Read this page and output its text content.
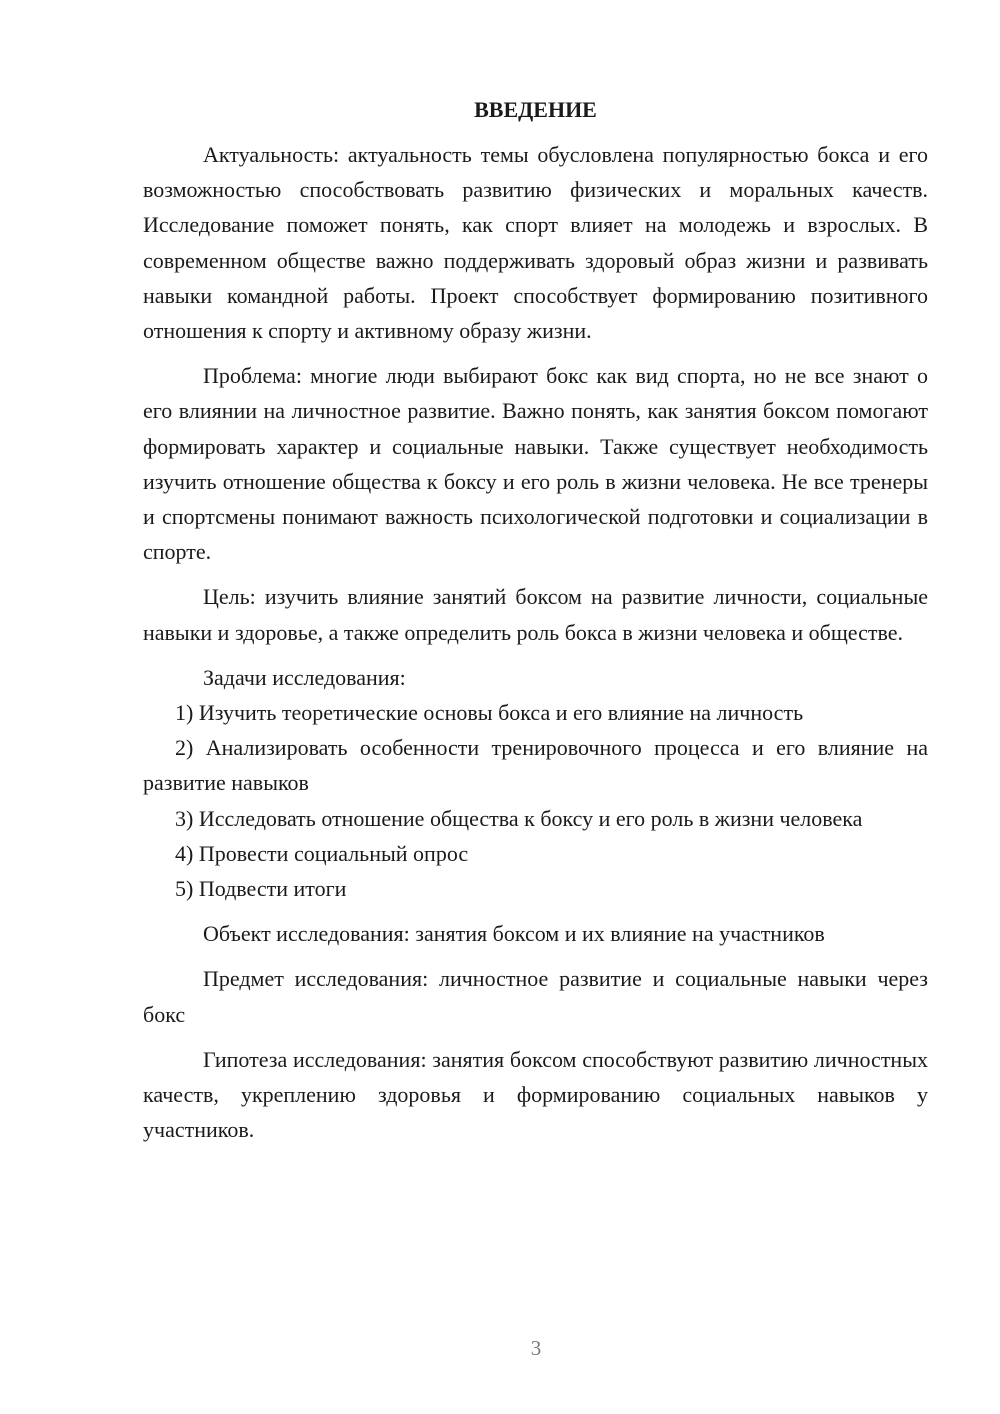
ВВЕДЕНИЕ

Актуальность: актуальность темы обусловлена популярностью бокса и его возможностью способствовать развитию физических и моральных качеств. Исследование поможет понять, как спорт влияет на молодежь и взрослых. В современном обществе важно поддерживать здоровый образ жизни и развивать навыки командной работы. Проект способствует формированию позитивного отношения к спорту и активному образу жизни.

Проблема: многие люди выбирают бокс как вид спорта, но не все знают о его влиянии на личностное развитие. Важно понять, как занятия боксом помогают формировать характер и социальные навыки. Также существует необходимость изучить отношение общества к боксу и его роль в жизни человека. Не все тренеры и спортсмены понимают важность психологической подготовки и социализации в спорте.

Цель: изучить влияние занятий боксом на развитие личности, социальные навыки и здоровье, а также определить роль бокса в жизни человека и обществе.

Задачи исследования:

1) Изучить теоретические основы бокса и его влияние на личность

2) Анализировать особенности тренировочного процесса и его влияние на развитие навыков

3) Исследовать отношение общества к боксу и его роль в жизни человека

4) Провести социальный опрос

5) Подвести итоги

Объект исследования: занятия боксом и их влияние на участников

Предмет исследования: личностное развитие и социальные навыки через бокс

Гипотеза исследования: занятия боксом способствуют развитию личностных качеств, укреплению здоровья и формированию социальных навыков у участников.

3
